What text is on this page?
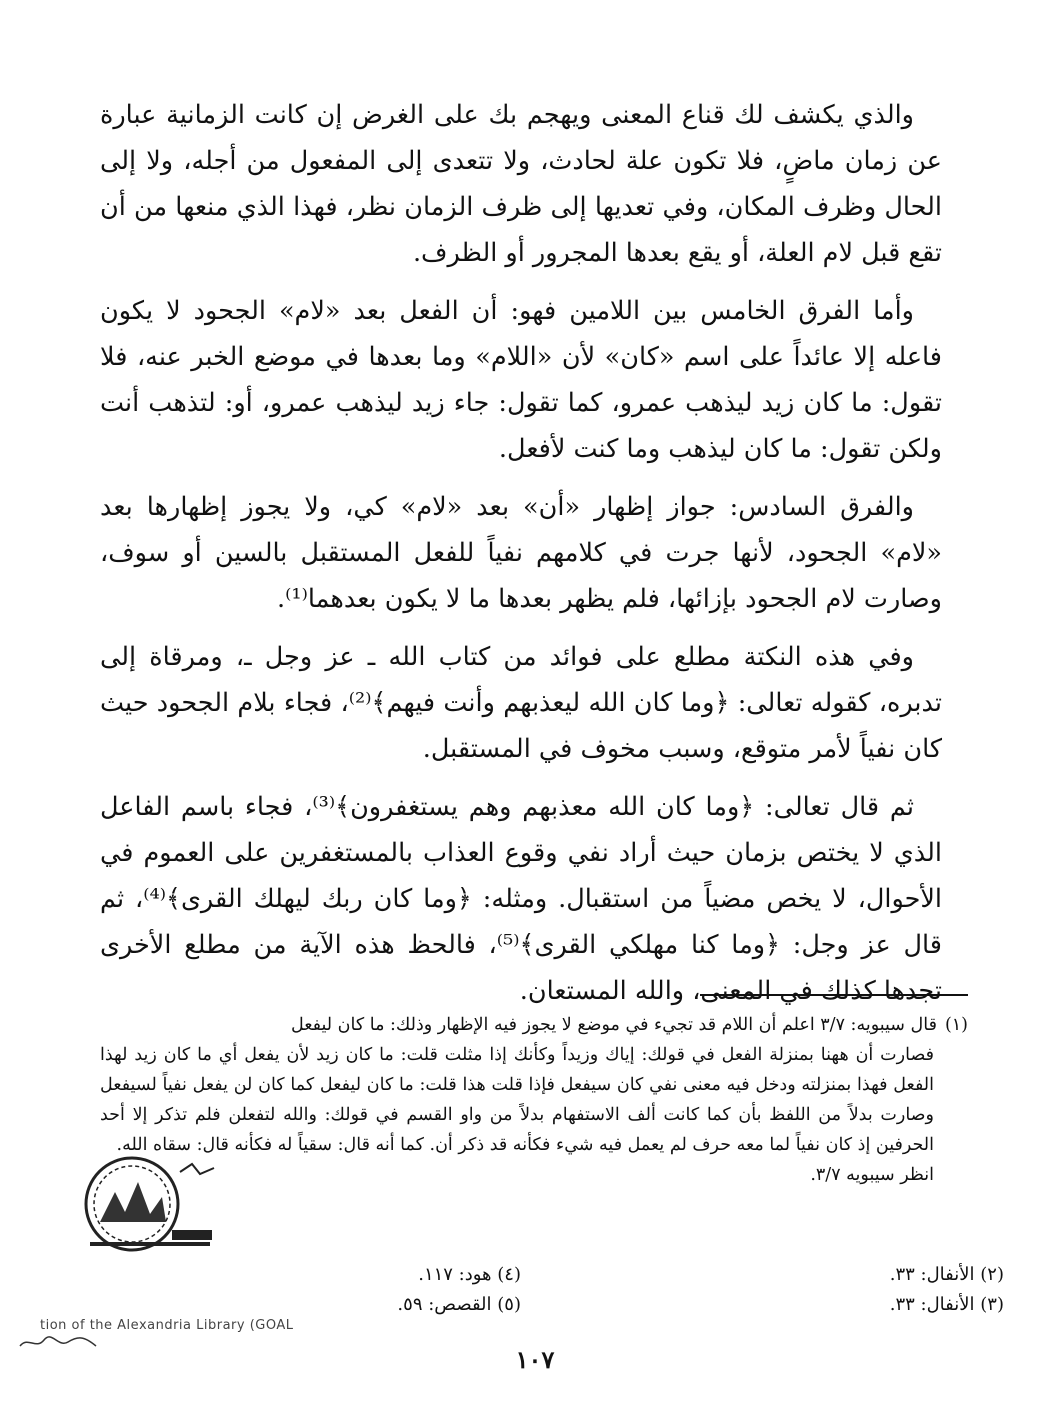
والذي يكشف لك قناع المعنى ويهجم بك على الغرض إن كانت الزمانية عبارة عن زمان ماضٍ، فلا تكون علة لحادث، ولا تتعدى إلى المفعول من أجله، ولا إلى الحال وظرف المكان، وفي تعديها إلى ظرف الزمان نظر، فهذا الذي منعها من أن تقع قبل لام العلة، أو يقع بعدها المجرور أو الظرف.

وأما الفرق الخامس بين اللامين فهو: أن الفعل بعد «لام» الجحود لا يكون فاعله إلا عائداً على اسم «كان» لأن «اللام» وما بعدها في موضع الخبر عنه، فلا تقول: ما كان زيد ليذهب عمرو، كما تقول: جاء زيد ليذهب عمرو، أو: لتذهب أنت ولكن تقول: ما كان ليذهب وما كنت لأفعل.

والفرق السادس: جواز إظهار «أن» بعد «لام» كي، ولا يجوز إظهارها بعد «لام» الجحود، لأنها جرت في كلامهم نفياً للفعل المستقبل بالسين أو سوف، وصارت لام الجحود بإزائها، فلم يظهر بعدها ما لا يكون بعدهما⁽¹⁾.

وفي هذه النكتة مطلع على فوائد من كتاب الله ـ عز وجل ـ، ومرقاة إلى تدبره، كقوله تعالى: ﴿وما كان الله ليعذبهم وأنت فيهم﴾⁽²⁾، فجاء بلام الجحود حيث كان نفياً لأمر متوقع، وسبب مخوف في المستقبل.

ثم قال تعالى: ﴿وما كان الله معذبهم وهم يستغفرون﴾⁽³⁾، فجاء باسم الفاعل الذي لا يختص بزمان حيث أراد نفي وقوع العذاب بالمستغفرين على العموم في الأحوال، لا يخص مضياً من استقبال. ومثله: ﴿وما كان ربك ليهلك القرى﴾⁽⁴⁾، ثم قال عز وجل: ﴿وما كنا مهلكي القرى﴾⁽⁵⁾، فالحظ هذه الآية من مطلع الأخرى تجدها كذلك في المعنى، والله المستعان.

(١)قال سيبويه: ٣/٧ اعلم أن اللام قد تجيء في موضع لا يجوز فيه الإظهار وذلك: ما كان ليفعل

فصارت أن ههنا بمنزلة الفعل في قولك: إياك وزيداً وكأنك إذا مثلت قلت: ما كان زيد لأن يفعل أي ما كان زيد لهذا الفعل فهذا بمنزلته ودخل فيه معنى نفي كان سيفعل فإذا قلت هذا قلت: ما كان ليفعل كما كان لن يفعل نفياً لسيفعل وصارت بدلاً من اللفظ بأن كما كانت ألف الاستفهام بدلاً من واو القسم في قولك: والله لتفعلن فلم تذكر إلا أحد الحرفين إذ كان نفياً لما معه حرف لم يعمل فيه شيء فكأنه قد ذكر أن. كما أنه قال: سقياً له فكأنه قال: سقاه الله.

انظر سيبويه ٣/٧.

(٢) الأنفال: ٣٣.
(٣) الأنفال: ٣٣.
(٤) هود: ١١٧.
(٥) القصص: ٥٩.
tion of the Alexandria Library (GOAL
١٠٧
